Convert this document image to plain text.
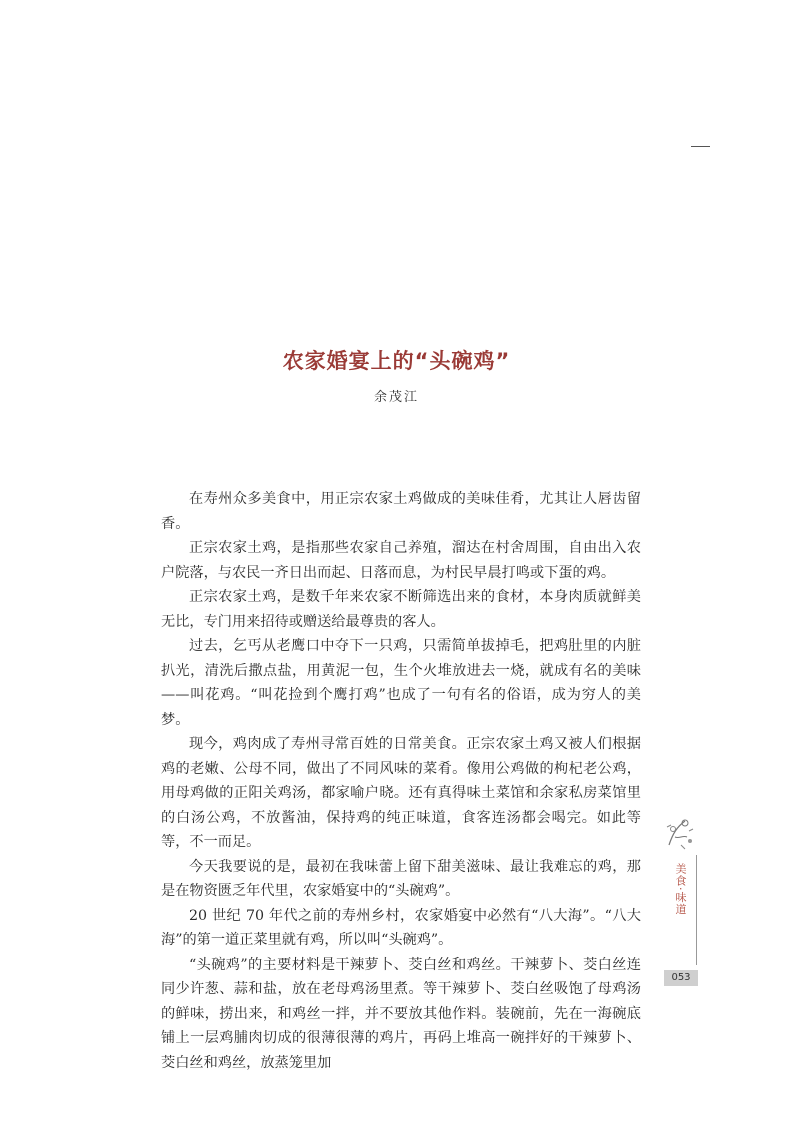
农家婚宴上的“头碗鸡”
余茂江

在寿州众多美食中，用正宗农家土鸡做成的美味佳肴，尤其让人唇齿留香。

正宗农家土鸡，是指那些农家自己养殖，溜达在村舍周围，自由出入农户院落，与农民一齐日出而起、日落而息，为村民早晨打鸣或下蛋的鸡。

正宗农家土鸡，是数千年来农家不断筛选出来的食材，本身肉质就鲜美无比，专门用来招待或赠送给最尊贵的客人。

过去，乞丐从老鹰口中夺下一只鸡，只需简单拔掉毛，把鸡肚里的内脏扒光，清洗后撒点盐，用黄泥一包，生个火堆放进去一烧，就成有名的美味——叫花鸡。“叫花捡到个鹰打鸡”也成了一句有名的俗语，成为穷人的美梦。

现今，鸡肉成了寿州寻常百姓的日常美食。正宗农家土鸡又被人们根据鸡的老嫩、公母不同，做出了不同风味的菜肴。像用公鸡做的枸杞老公鸡，用母鸡做的正阳关鸡汤，都家喻户晓。还有真得味土菜馆和余家私房菜馆里的白汤公鸡，不放酱油，保持鸡的纯正味道，食客连汤都会喝完。如此等等，不一而足。

今天我要说的是，最初在我味蕾上留下甜美滋味、最让我难忘的鸡，那是在物资匮乏年代里，农家婚宴中的“头碗鸡”。

20 世纪 70 年代之前的寿州乡村，农家婚宴中必然有“八大海”。“八大海”的第一道正菜里就有鸡，所以叫“头碗鸡”。

“头碗鸡”的主要材料是干辣萝卜、茭白丝和鸡丝。干辣萝卜、茭白丝连同少许葱、蒜和盐，放在老母鸡汤里煮。等干辣萝卜、茭白丝吸饱了母鸡汤的鲜味，捞出来，和鸡丝一拌，并不要放其他作料。装碗前，先在一海碗底铺上一层鸡脯肉切成的很薄很薄的鸡片，再码上堆高一碗拌好的干辣萝卜、茭白丝和鸡丝，放蒸笼里加

美食·味道
053
